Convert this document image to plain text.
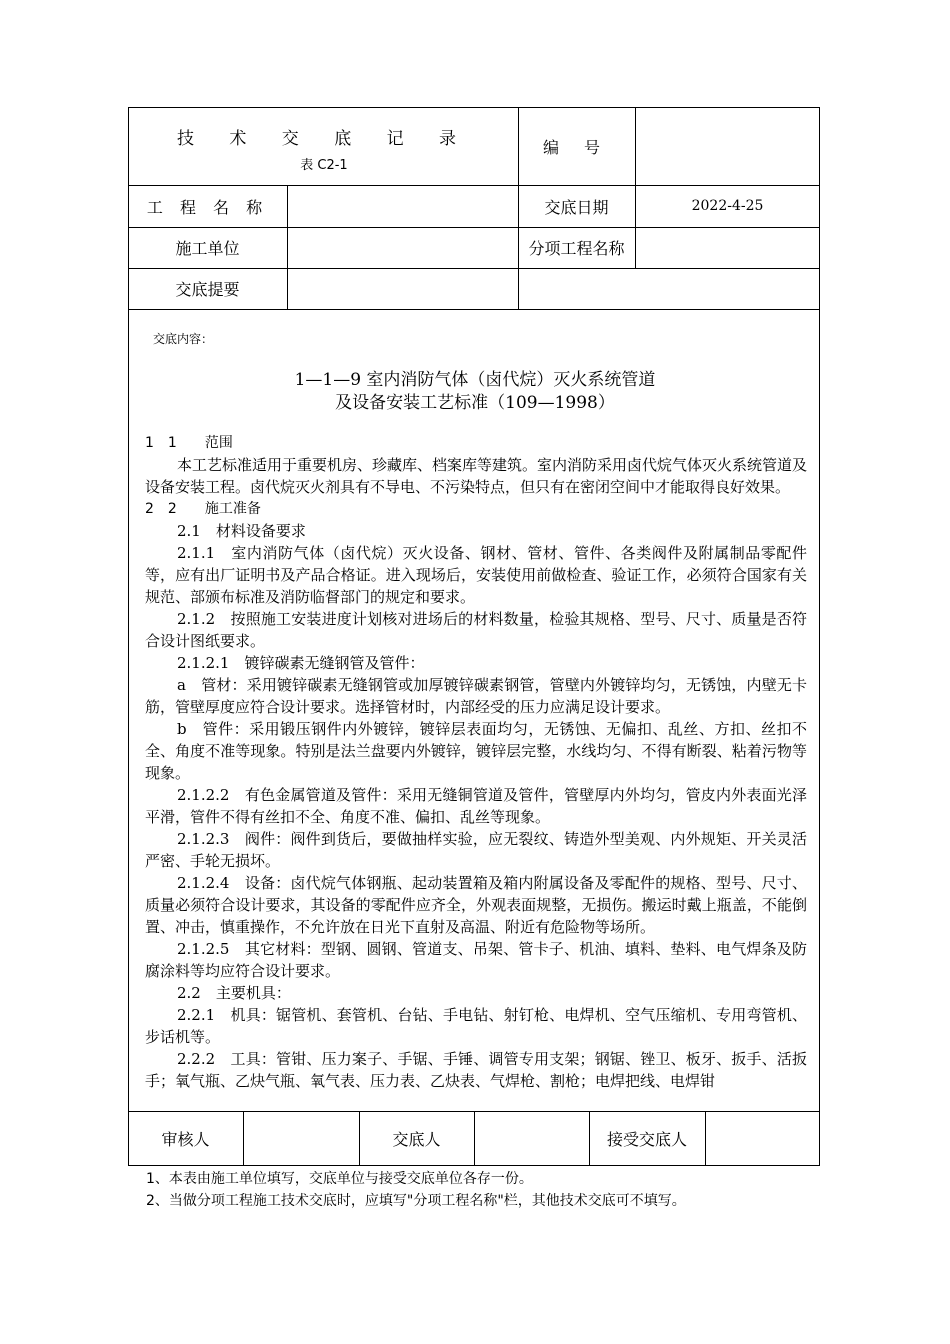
技 术 交 底 记 录
表 C2-1
编 号
工 程 名 称	交底日期	2022-4-25
施工单位	分项工程名称
交底提要
交底内容：
1—1—9 室内消防气体（卤代烷）灭火系统管道
及设备安装工艺标准（109—1998）

1　1　　范围

本工艺标准适用于重要机房、珍藏库、档案库等建筑。室内消防采用卤代烷气体灭火系统管道及设备安装工程。卤代烷灭火剂具有不导电、不污染特点，但只有在密闭空间中才能取得良好效果。

2　2　　施工准备

2.1　材料设备要求

2.1.1　室内消防气体（卤代烷）灭火设备、钢材、管材、管件、各类阀件及附属制品零配件等，应有出厂证明书及产品合格证。进入现场后，安装使用前做检查、验证工作，必须符合国家有关规范、部颁布标准及消防临督部门的规定和要求。

2.1.2　按照施工安装进度计划核对进场后的材料数量，检验其规格、型号、尺寸、质量是否符合设计图纸要求。

2.1.2.1　镀锌碳素无缝钢管及管件：

a　管材：采用镀锌碳素无缝钢管或加厚镀锌碳素钢管，管壁内外镀锌均匀，无锈蚀，内壁无卡筋，管壁厚度应符合设计要求。选择管材时，内部经受的压力应满足设计要求。

b　管件：采用锻压钢件内外镀锌，镀锌层表面均匀，无锈蚀、无偏扣、乱丝、方扣、丝扣不全、角度不准等现象。特别是法兰盘要内外镀锌，镀锌层完整，水线均匀、不得有断裂、粘着污物等现象。

2.1.2.2　有色金属管道及管件：采用无缝铜管道及管件，管壁厚内外均匀，管皮内外表面光泽平滑，管件不得有丝扣不全、角度不准、偏扣、乱丝等现象。

2.1.2.3　阀件：阀件到货后，要做抽样实验，应无裂纹、铸造外型美观、内外规矩、开关灵活严密、手轮无损坏。

2.1.2.4　设备：卤代烷气体钢瓶、起动装置箱及箱内附属设备及零配件的规格、型号、尺寸、质量必须符合设计要求，其设备的零配件应齐全，外观表面规整，无损伤。搬运时戴上瓶盖，不能倒置、冲击，慎重操作，不允许放在日光下直射及高温、附近有危险物等场所。

2.1.2.5　其它材料：型钢、圆钢、管道支、吊架、管卡子、机油、填料、垫料、电气焊条及防腐涂料等均应符合设计要求。

2.2　主要机具：

2.2.1　机具：锯管机、套管机、台钻、手电钻、射钉枪、电焊机、空气压缩机、专用弯管机、步话机等。

2.2.2　工具：管钳、压力案子、手锯、手锤、调管专用支架；钢锯、锉卫、板牙、扳手、活扳手；氧气瓶、乙炔气瓶、氧气表、压力表、乙炔表、气焊枪、割枪；电焊把线、电焊钳

审核人	交底人	接受交底人
1、本表由施工单位填写，交底单位与接受交底单位各存一份。
2、当做分项工程施工技术交底时，应填写"分项工程名称"栏，其他技术交底可不填写。
